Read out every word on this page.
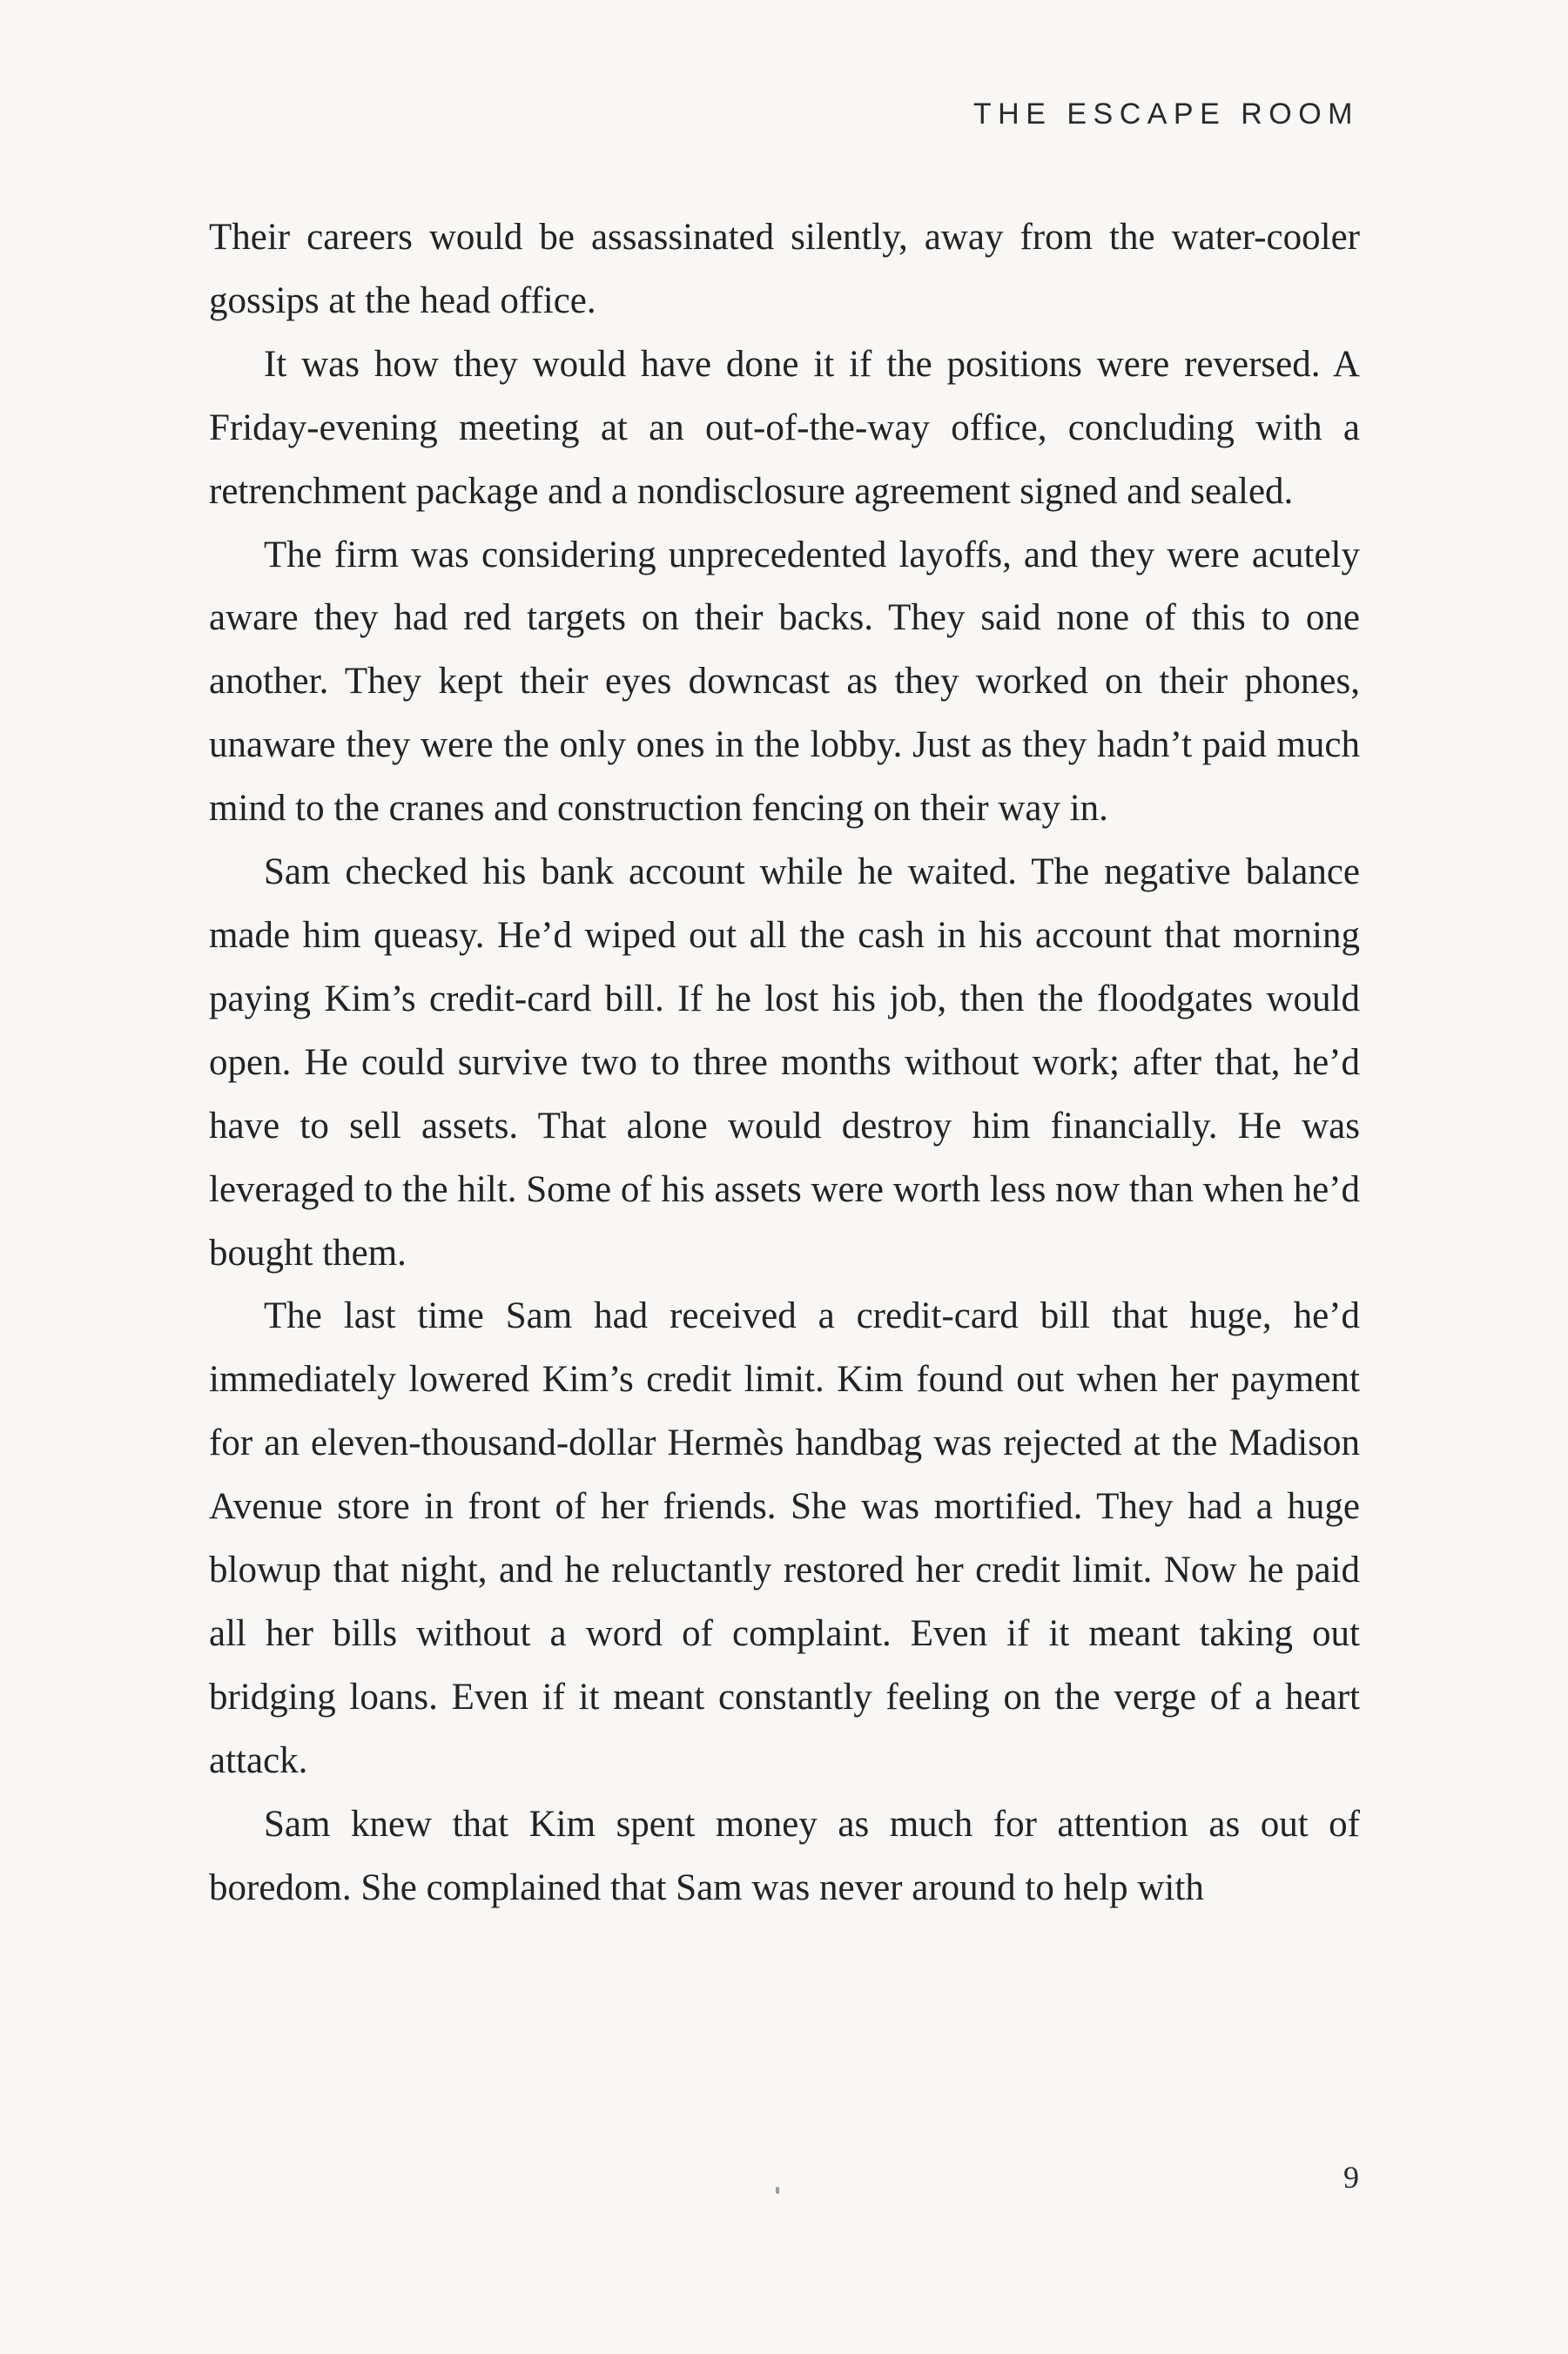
THE ESCAPE ROOM

Their careers would be assassinated silently, away from the water-cooler gossips at the head office.

It was how they would have done it if the positions were reversed. A Friday-evening meeting at an out-of-the-way office, concluding with a retrenchment package and a nondisclosure agreement signed and sealed.

The firm was considering unprecedented layoffs, and they were acutely aware they had red targets on their backs. They said none of this to one another. They kept their eyes downcast as they worked on their phones, unaware they were the only ones in the lobby. Just as they hadn’t paid much mind to the cranes and construction fencing on their way in.

Sam checked his bank account while he waited. The negative balance made him queasy. He’d wiped out all the cash in his account that morning paying Kim’s credit-card bill. If he lost his job, then the floodgates would open. He could survive two to three months without work; after that, he’d have to sell assets. That alone would destroy him financially. He was leveraged to the hilt. Some of his assets were worth less now than when he’d bought them.

The last time Sam had received a credit-card bill that huge, he’d immediately lowered Kim’s credit limit. Kim found out when her payment for an eleven-thousand-dollar Hermès handbag was rejected at the Madison Avenue store in front of her friends. She was mortified. They had a huge blowup that night, and he reluctantly restored her credit limit. Now he paid all her bills without a word of complaint. Even if it meant taking out bridging loans. Even if it meant constantly feeling on the verge of a heart attack.

Sam knew that Kim spent money as much for attention as out of boredom. She complained that Sam was never around to help with

9
